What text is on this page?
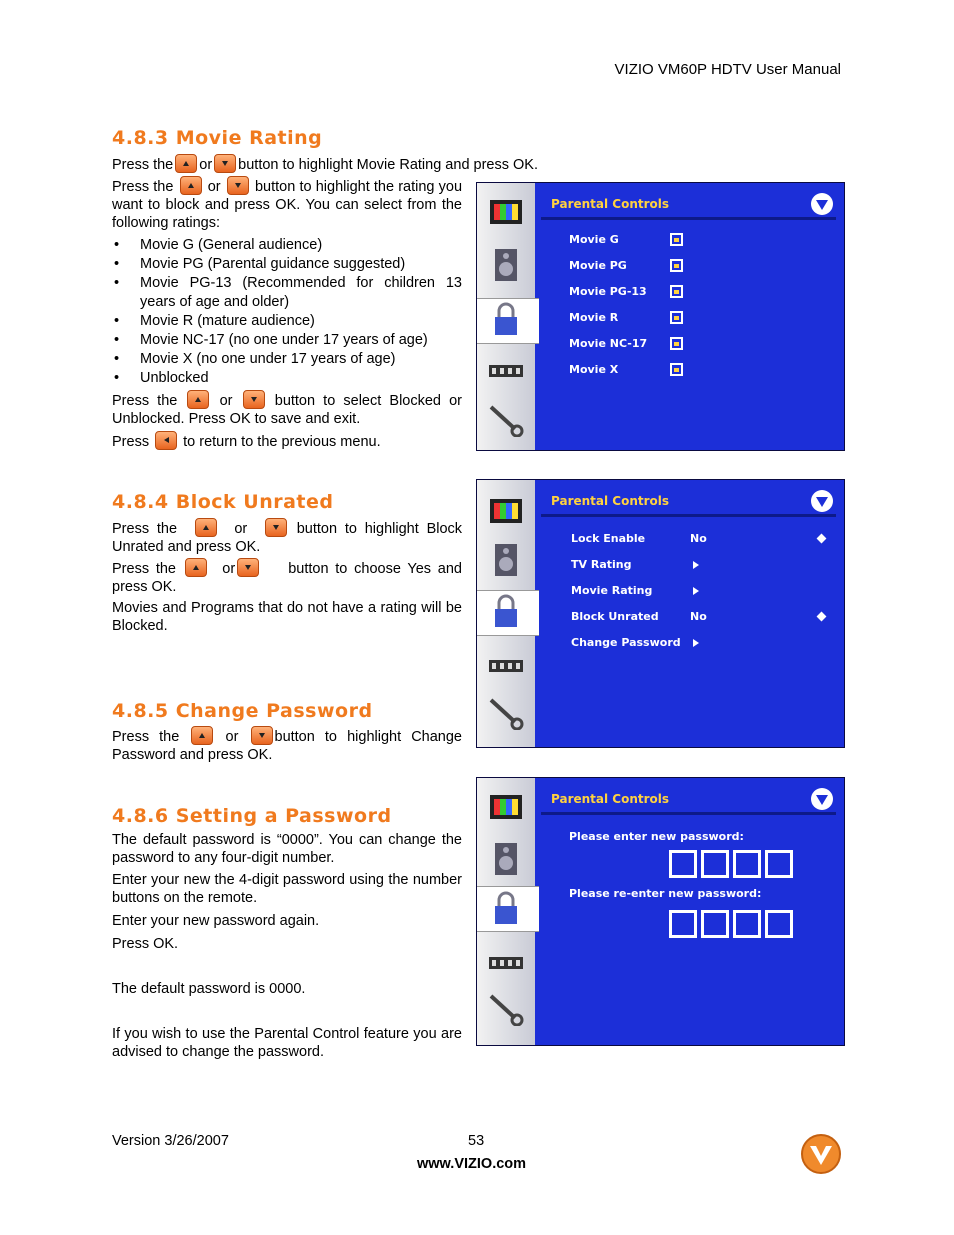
VIZIO VM60P HDTV User Manual
4.8.3 Movie Rating
Press the or button to highlight Movie Rating and press OK.
Press the or button to highlight the rating you want to block and press OK. You can select from the following ratings:
• Movie G (General audience)
• Movie PG (Parental guidance suggested)
• Movie PG-13 (Recommended for children 13 years of age and older)
• Movie R (mature audience)
• Movie NC-17 (no one under 17 years of age)
• Movie X (no one under 17 years of age)
• Unblocked
Press the	or	button to select Blocked or Unblocked. Press OK to save and exit.
Press to return to the previous menu.
4.8.4 Block Unrated
Press the	or	button to highlight Block Unrated and press OK.
Press the	or	button to choose Yes and press OK.
Movies and Programs that do not have a rating will be Blocked.
4.8.5 Change Password
Press the	or button to highlight Change Password and press OK.
4.8.6 Setting a Password
The default password is “0000”. You can change the password to any four-digit number.
Enter your new the 4-digit password using the number buttons on the remote.
Enter your new password again.
Press OK.
The default password is 0000.
If you wish to use the Parental Control feature you are advised to change the password.
Parental Controls
Movie G
Movie PG
Movie PG-13
Movie R
Movie NC-17
Movie X
Parental Controls
Lock Enable	No
TV Rating
Movie Rating
Block Unrated	No
Change Password
Parental Controls
Please enter new password:
Please re-enter new password:
Version 3/26/2007	53
www.VIZIO.com
